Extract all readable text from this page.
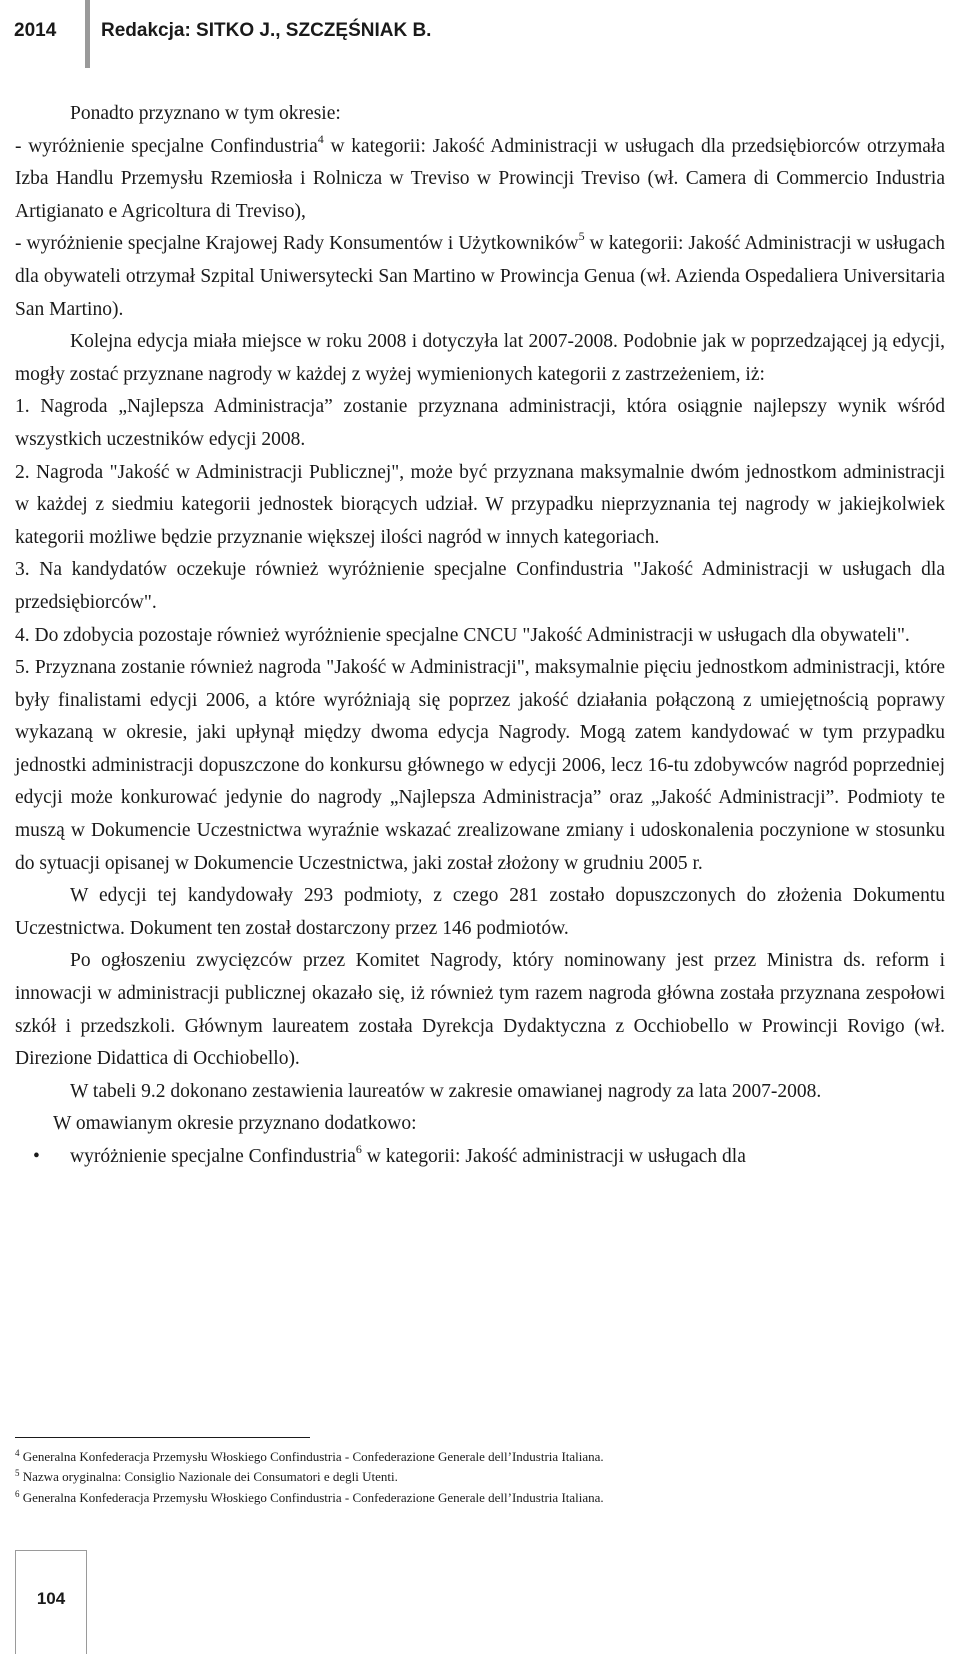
2014 Redakcja: SITKO J., SZCZĘŚNIAK B.

Ponadto przyznano w tym okresie:

- wyróżnienie specjalne Confindustria$^4$ w kategorii: Jakość Administracji w usługach dla przedsiębiorców otrzymała Izba Handlu Przemysłu Rzemiosła i Rolnicza w Treviso w Prowincji Treviso (wł. Camera di Commercio Industria Artigianato e Agricoltura di Treviso),

- wyróżnienie specjalne Krajowej Rady Konsumentów i Użytkowników$^5$ w kategorii: Jakość Administracji w usługach dla obywateli otrzymał Szpital Uniwersytecki San Martino w Prowincja Genua (wł. Azienda Ospedaliera Universitaria San Martino).

Kolejna edycja miała miejsce w roku 2008 i dotyczyła lat 2007-2008. Podobnie jak w poprzedzającej ją edycji, mogły zostać przyznane nagrody w każdej z wyżej wymienionych kategorii z zastrzeżeniem, iż:

1. Nagroda „Najlepsza Administracja” zostanie przyznana administracji, która osiągnie najlepszy wynik wśród wszystkich uczestników edycji 2008.

2. Nagroda "Jakość w Administracji Publicznej", może być przyznana maksymalnie dwóm jednostkom administracji w każdej z siedmiu kategorii jednostek biorących udział. W przypadku nieprzyznania tej nagrody w jakiejkolwiek kategorii możliwe będzie przyznanie większej ilości nagród w innych kategoriach.

3. Na kandydatów oczekuje również wyróżnienie specjalne Confindustria "Jakość Administracji w usługach dla przedsiębiorców".

4. Do zdobycia pozostaje również wyróżnienie specjalne CNCU "Jakość Administracji w usługach dla obywateli".

5. Przyznana zostanie również nagroda "Jakość w Administracji", maksymalnie pięciu jednostkom administracji, które były finalistami edycji 2006, a które wyróżniają się poprzez jakość działania połączoną z umiejętnością poprawy wykazaną w okresie, jaki upłynął między dwoma edycja Nagrody. Mogą zatem kandydować w tym przypadku jednostki administracji dopuszczone do konkursu głównego w edycji 2006, lecz 16-tu zdobywców nagród poprzedniej edycji może konkurować jedynie do nagrody „Najlepsza Administracja” oraz „Jakość Administracji”. Podmioty te muszą w Dokumencie Uczestnictwa wyraźnie wskazać zrealizowane zmiany i udoskonalenia poczynione w stosunku do sytuacji opisanej w Dokumencie Uczestnictwa, jaki został złożony w grudniu 2005 r.

W edycji tej kandydowały 293 podmioty, z czego 281 zostało dopuszczonych do złożenia Dokumentu Uczestnictwa. Dokument ten został dostarczony przez 146 podmiotów.

Po ogłoszeniu zwycięzców przez Komitet Nagrody, który nominowany jest przez Ministra ds. reform i innowacji w administracji publicznej okazało się, iż również tym razem nagroda główna została przyznana zespołowi szkół i przedszkoli. Głównym laureatem została Dyrekcja Dydaktyczna z Occhiobello w Prowincji Rovigo (wł. Direzione Didattica di Occhiobello).

W tabeli 9.2 dokonano zestawienia laureatów w zakresie omawianej nagrody za lata 2007-2008.

W omawianym okresie przyznano dodatkowo:

•	wyróżnienie specjalne Confindustria$^6$ w kategorii: Jakość administracji w usługach dla
$^4$ Generalna Konfederacja Przemysłu Włoskiego Confindustria - Confederazione Generale dell’Industria Italiana.
$^5$ Nazwa oryginalna: Consiglio Nazionale dei Consumatori e degli Utenti.
$^6$ Generalna Konfederacja Przemysłu Włoskiego Confindustria - Confederazione Generale dell’Industria Italiana.
104
